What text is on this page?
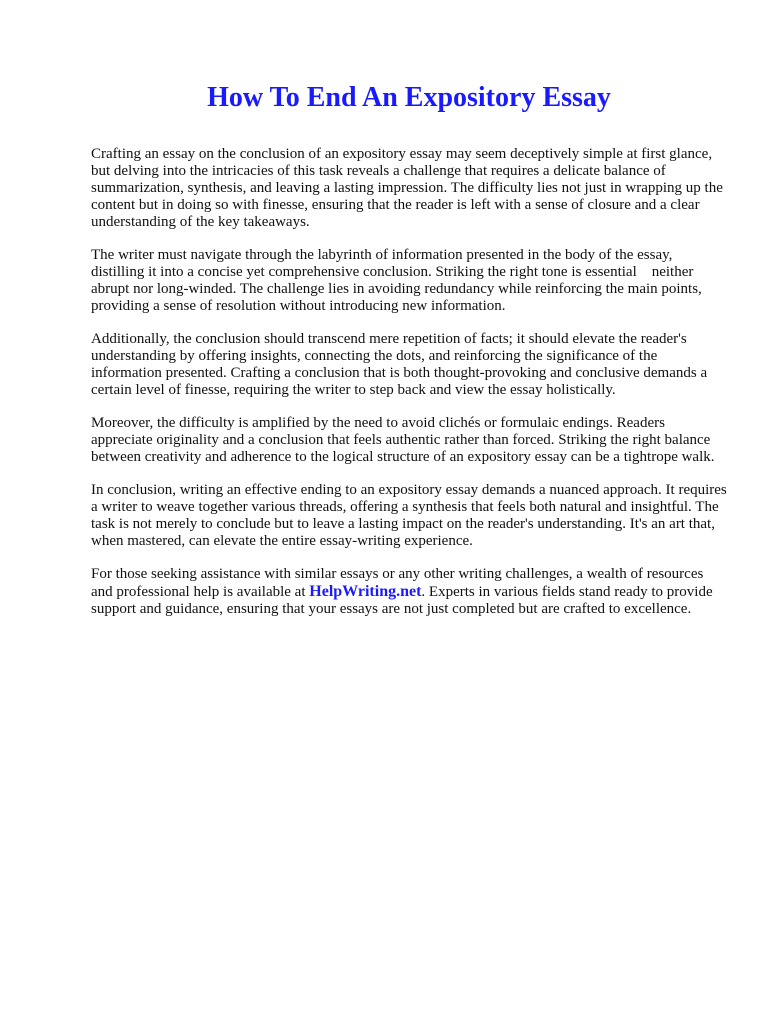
How To End An Expository Essay

Crafting an essay on the conclusion of an expository essay may seem deceptively simple at first glance, but delving into the intricacies of this task reveals a challenge that requires a delicate balance of summarization, synthesis, and leaving a lasting impression. The difficulty lies not just in wrapping up the content but in doing so with finesse, ensuring that the reader is left with a sense of closure and a clear understanding of the key takeaways.

The writer must navigate through the labyrinth of information presented in the body of the essay, distilling it into a concise yet comprehensive conclusion. Striking the right tone is essential    neither abrupt nor long-winded. The challenge lies in avoiding redundancy while reinforcing the main points, providing a sense of resolution without introducing new information.

Additionally, the conclusion should transcend mere repetition of facts; it should elevate the reader's understanding by offering insights, connecting the dots, and reinforcing the significance of the information presented. Crafting a conclusion that is both thought-provoking and conclusive demands a certain level of finesse, requiring the writer to step back and view the essay holistically.

Moreover, the difficulty is amplified by the need to avoid clichés or formulaic endings. Readers appreciate originality and a conclusion that feels authentic rather than forced. Striking the right balance between creativity and adherence to the logical structure of an expository essay can be a tightrope walk.

In conclusion, writing an effective ending to an expository essay demands a nuanced approach. It requires a writer to weave together various threads, offering a synthesis that feels both natural and insightful. The task is not merely to conclude but to leave a lasting impact on the reader's understanding. It's an art that, when mastered, can elevate the entire essay-writing experience.

For those seeking assistance with similar essays or any other writing challenges, a wealth of resources and professional help is available at HelpWriting.net. Experts in various fields stand ready to provide support and guidance, ensuring that your essays are not just completed but are crafted to excellence.
